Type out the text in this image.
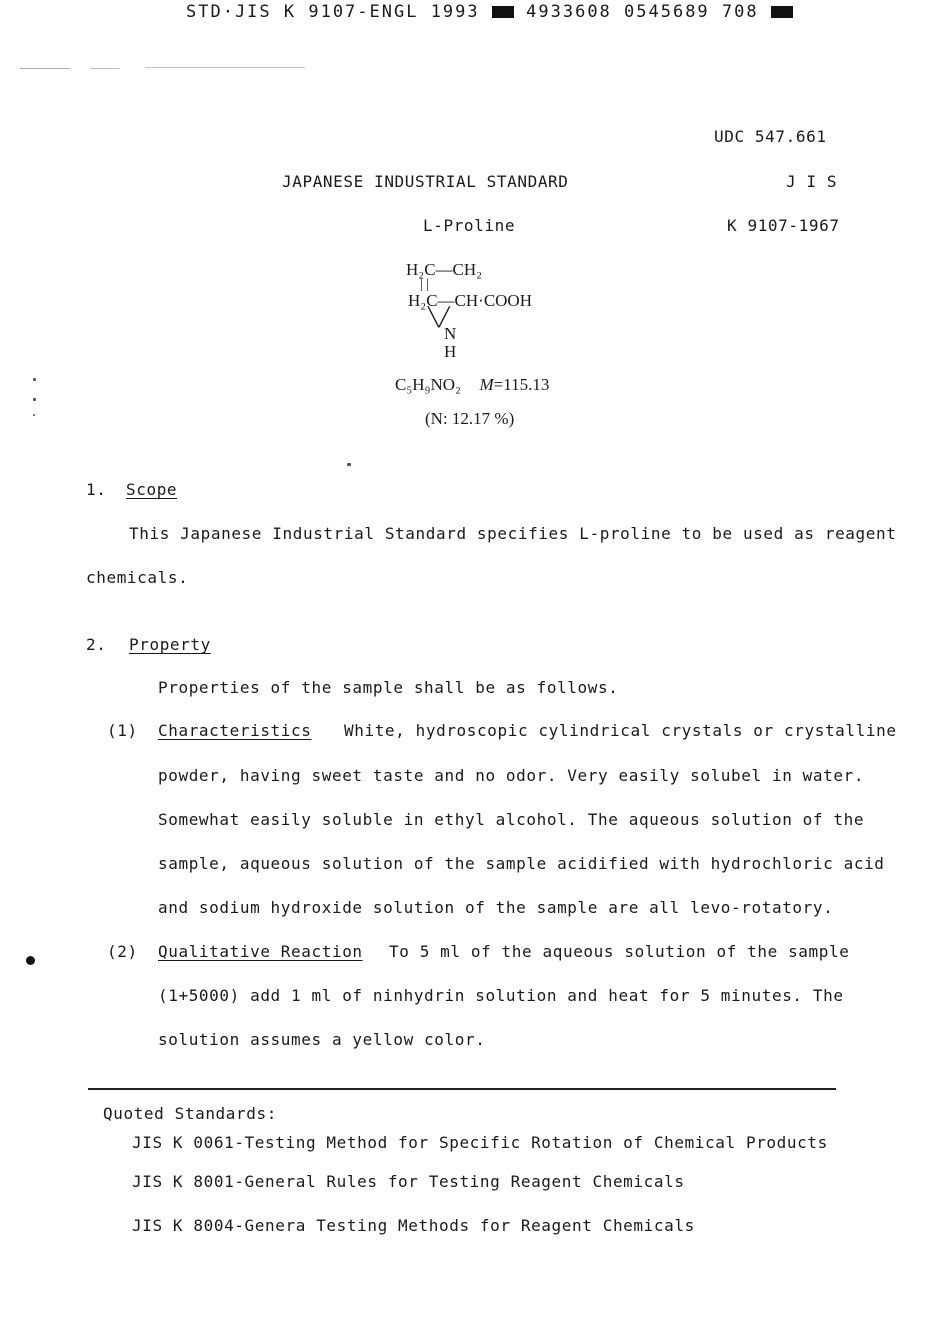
STD·JIS K 9107-ENGL 1993	4933608 0545689 708
UDC 547.661
JAPANESE INDUSTRIAL STANDARD	J I S
L-Proline	K 9107-1967
H₂C—CH₂
| |
H₂C—CH·COOH
╲╱
N
H
C₅H₉NO₂ M=115.13
(N: 12.17 %)
1. Scope
This Japanese Industrial Standard specifies L-proline to be used as reagent
chemicals.
2. Property
Properties of the sample shall be as follows.
(1) Characteristics White, hydroscopic cylindrical crystals or crystalline
powder, having sweet taste and no odor. Very easily solubel in water.
Somewhat easily soluble in ethyl alcohol. The aqueous solution of the
sample, aqueous solution of the sample acidified with hydrochloric acid
and sodium hydroxide solution of the sample are all levo-rotatory.
(2) Qualitative Reaction To 5 ml of the aqueous solution of the sample
(1+5000) add 1 ml of ninhydrin solution and heat for 5 minutes. The
solution assumes a yellow color.
Quoted Standards:
JIS K 0061-Testing Method for Specific Rotation of Chemical Products
JIS K 8001-General Rules for Testing Reagent Chemicals
JIS K 8004-Genera Testing Methods for Reagent Chemicals
